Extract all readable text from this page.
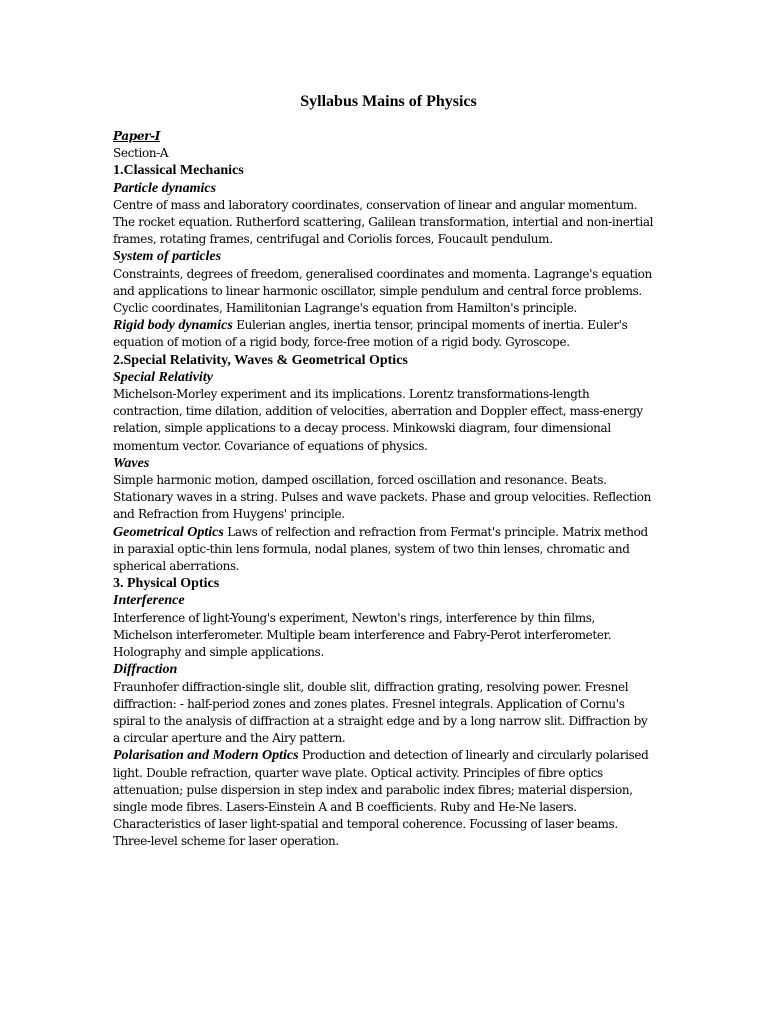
Syllabus Mains of Physics
Paper-I
Section-A
1.Classical Mechanics
Particle dynamics

Centre of mass and laboratory coordinates, conservation of linear and angular momentum. The rocket equation. Rutherford scattering, Galilean transformation, intertial and non-inertial frames, rotating frames, centrifugal and Coriolis forces, Foucault pendulum.

System of particles

Constraints, degrees of freedom, generalised coordinates and momenta. Lagrange's equation and applications to linear harmonic oscillator, simple pendulum and central force problems. Cyclic coordinates, Hamilitonian Lagrange's equation from Hamilton's principle.

Rigid body dynamics Eulerian angles, inertia tensor, principal moments of inertia. Euler's equation of motion of a rigid body, force-free motion of a rigid body. Gyroscope.

2.Special Relativity, Waves & Geometrical Optics
Special Relativity

Michelson-Morley experiment and its implications. Lorentz transformations-length contraction, time dilation, addition of velocities, aberration and Doppler effect, mass-energy relation, simple applications to a decay process. Minkowski diagram, four dimensional momentum vector. Covariance of equations of physics.

Waves

Simple harmonic motion, damped oscillation, forced oscillation and resonance. Beats. Stationary waves in a string. Pulses and wave packets. Phase and group velocities. Reflection and Refraction from Huygens' principle.

Geometrical Optics Laws of relfection and refraction from Fermat's principle. Matrix method in paraxial optic-thin lens formula, nodal planes, system of two thin lenses, chromatic and spherical aberrations.

3. Physical Optics
Interference

Interference of light-Young's experiment, Newton's rings, interference by thin films, Michelson interferometer. Multiple beam interference and Fabry-Perot interferometer. Holography and simple applications.

Diffraction

Fraunhofer diffraction-single slit, double slit, diffraction grating, resolving power. Fresnel diffraction: - half-period zones and zones plates. Fresnel integrals. Application of Cornu's spiral to the analysis of diffraction at a straight edge and by a long narrow slit. Diffraction by a circular aperture and the Airy pattern.

Polarisation and Modern Optics Production and detection of linearly and circularly polarised light. Double refraction, quarter wave plate. Optical activity. Principles of fibre optics attenuation; pulse dispersion in step index and parabolic index fibres; material dispersion, single mode fibres. Lasers-Einstein A and B coefficients. Ruby and He-Ne lasers. Characteristics of laser light-spatial and temporal coherence. Focussing of laser beams. Three-level scheme for laser operation.
